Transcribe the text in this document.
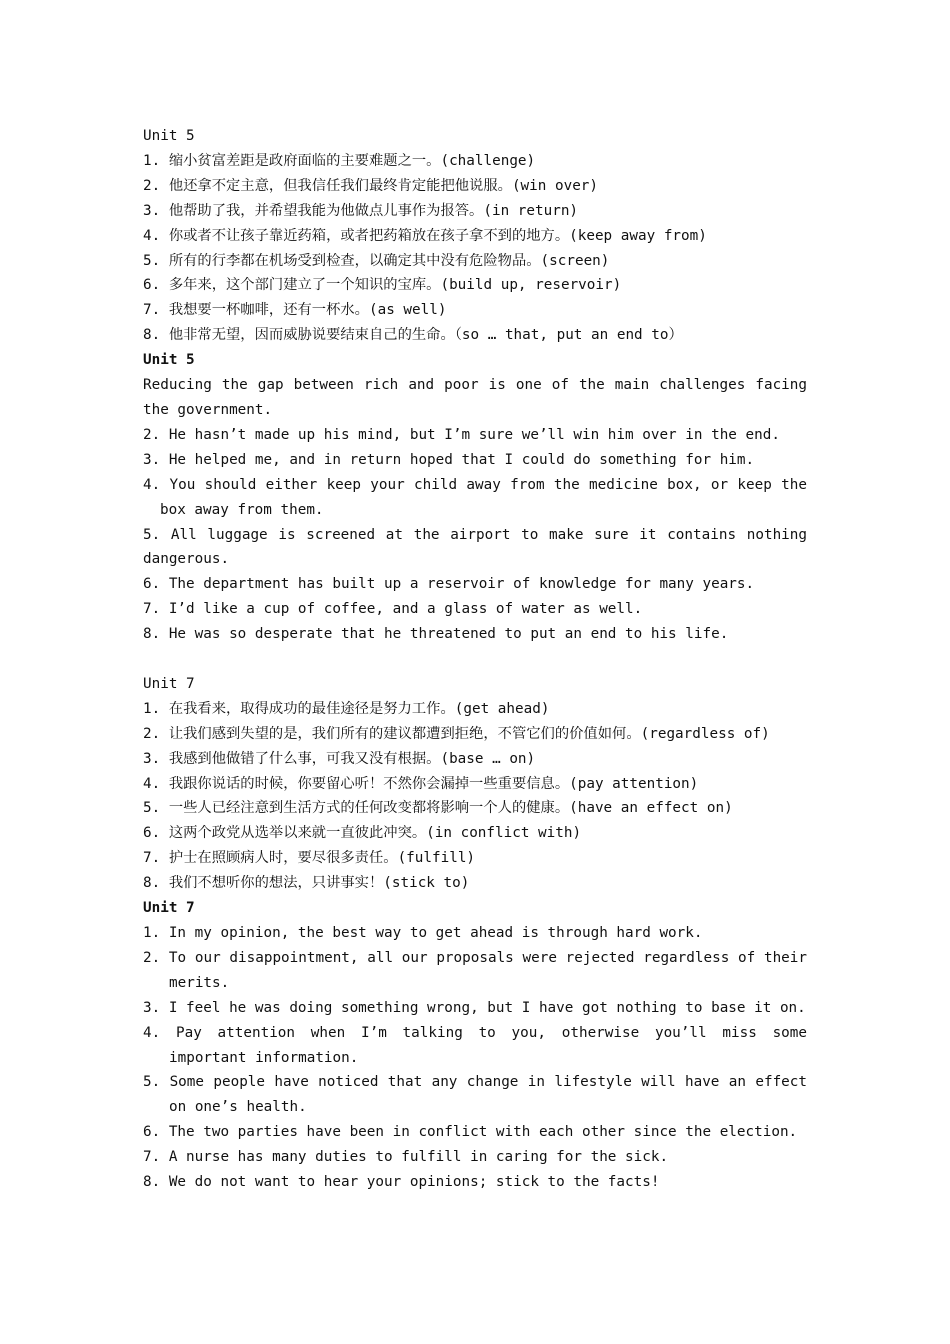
Unit 5

1. 缩小贫富差距是政府面临的主要难题之一。(challenge)

2. 他还拿不定主意，但我信任我们最终肯定能把他说服。(win over)

3. 他帮助了我，并希望我能为他做点儿事作为报答。(in return)

4. 你或者不让孩子靠近药箱，或者把药箱放在孩子拿不到的地方。(keep away from)

5. 所有的行李都在机场受到检查，以确定其中没有危险物品。(screen)

6. 多年来，这个部门建立了一个知识的宝库。(build up, reservoir)

7. 我想要一杯咖啡，还有一杯水。(as well)

8. 他非常无望，因而威胁说要结束自己的生命。（so … that, put an end to）

Unit 5

Reducing the gap between rich and poor is one of the main challenges facing the government.

2. He hasn’t made up his mind, but I’m sure we’ll win him over in the end.

3. He helped me, and in return hoped that I could do something for him.

4. You should either keep your child away from the medicine box, or keep the box away from them.

5. All luggage is screened at the airport to make sure it contains nothing dangerous.

6. The department has built up a reservoir of knowledge for many years.

7. I’d like a cup of coffee, and a glass of water as well.

8. He was so desperate that he threatened to put an end to his life.

Unit 7

1. 在我看来，取得成功的最佳途径是努力工作。(get ahead)

2. 让我们感到失望的是，我们所有的建议都遭到拒绝，不管它们的价值如何。(regardless of)

3. 我感到他做错了什么事，可我又没有根据。(base … on)

4. 我跟你说话的时候，你要留心听！不然你会漏掉一些重要信息。(pay attention)

5. 一些人已经注意到生活方式的任何改变都将影响一个人的健康。(have an effect on)

6. 这两个政党从选举以来就一直彼此冲突。(in conflict with)

7. 护士在照顾病人时，要尽很多责任。(fulfill)

8. 我们不想听你的想法，只讲事实！(stick to)

Unit 7

1. In my opinion, the best way to get ahead is through hard work.

2. To our disappointment, all our proposals were rejected regardless of their merits.

3. I feel he was doing something wrong, but I have got nothing to base it on.

4. Pay attention when I’m talking to you, otherwise you’ll miss some important information.

5. Some people have noticed that any change in lifestyle will have an effect on one’s health.

6. The two parties have been in conflict with each other since the election.

7. A nurse has many duties to fulfill in caring for the sick.

8. We do not want to hear your opinions; stick to the facts!
